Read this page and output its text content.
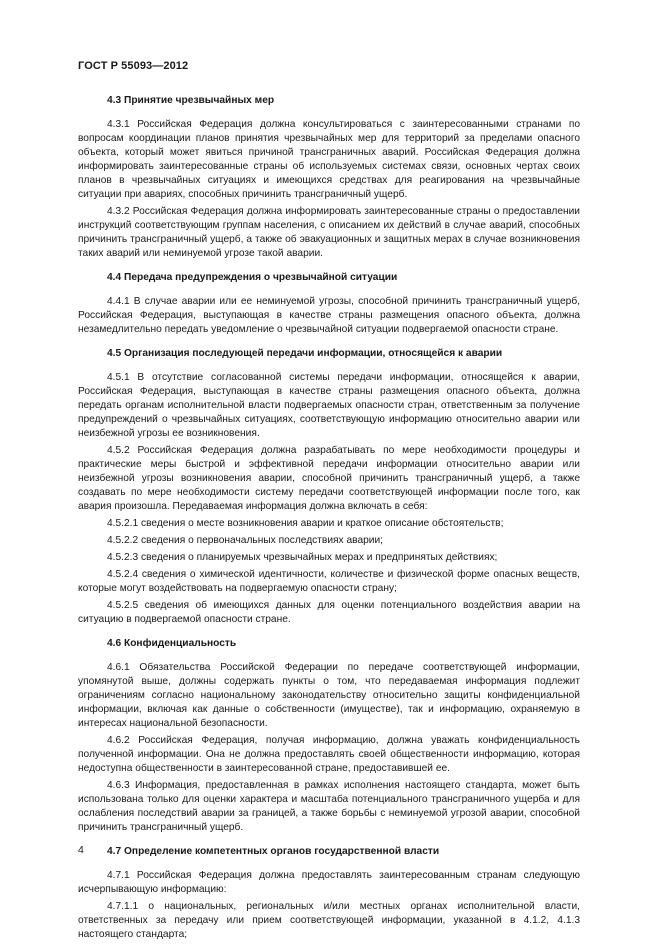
ГОСТ Р 55093—2012
4.3 Принятие чрезвычайных мер

4.3.1 Российская Федерация должна консультироваться с заинтересованными странами по вопросам координации планов принятия чрезвычайных мер для территорий за пределами опасного объекта, который может явиться причиной трансграничных аварий. Российская Федерация должна информировать заинтересованные страны об используемых системах связи, основных чертах своих планов в чрезвычайных ситуациях и имеющихся средствах для реагирования на чрезвычайные ситуации при авариях, способных причинить трансграничный ущерб.

4.3.2 Российская Федерация должна информировать заинтересованные страны о предоставлении инструкций соответствующим группам населения, с описанием их действий в случае аварий, способных причинить трансграничный ущерб, а также об эвакуационных и защитных мерах в случае возникновения таких аварий или неминуемой угрозе такой аварии.

4.4 Передача предупреждения о чрезвычайной ситуации

4.4.1 В случае аварии или ее неминуемой угрозы, способной причинить трансграничный ущерб, Российская Федерация, выступающая в качестве страны размещения опасного объекта, должна незамедлительно передать уведомление о чрезвычайной ситуации подвергаемой опасности стране.

4.5 Организация последующей передачи информации, относящейся к аварии

4.5.1 В отсутствие согласованной системы передачи информации, относящейся к аварии, Российская Федерация, выступающая в качестве страны размещения опасного объекта, должна передать органам исполнительной власти подвергаемых опасности стран, ответственным за получение предупреждений о чрезвычайных ситуациях, соответствующую информацию относительно аварии или неизбежной угрозы ее возникновения.

4.5.2 Российская Федерация должна разрабатывать по мере необходимости процедуры и практические меры быстрой и эффективной передачи информации относительно аварии или неизбежной угрозы возникновения аварии, способной причинить трансграничный ущерб, а также создавать по мере необходимости систему передачи соответствующей информации после того, как авария произошла. Передаваемая информация должна включать в себя:

4.5.2.1 сведения о месте возникновения аварии и краткое описание обстоятельств;

4.5.2.2 сведения о первоначальных последствиях аварии;

4.5.2.3 сведения о планируемых чрезвычайных мерах и предпринятых действиях;

4.5.2.4 сведения о химической идентичности, количестве и физической форме опасных веществ, которые могут воздействовать на подвергаемую опасности страну;

4.5.2.5 сведения об имеющихся данных для оценки потенциального воздействия аварии на ситуацию в подвергаемой опасности стране.

4.6 Конфиденциальность

4.6.1 Обязательства Российской Федерации по передаче соответствующей информации, упомянутой выше, должны содержать пункты о том, что передаваемая информация подлежит ограничениям согласно национальному законодательству относительно защиты конфиденциальной информации, включая как данные о собственности (имуществе), так и информацию, охраняемую в интересах национальной безопасности.

4.6.2 Российская Федерация, получая информацию, должна уважать конфиденциальность полученной информации. Она не должна предоставлять своей общественности информацию, которая недоступна общественности в заинтересованной стране, предоставившей ее.

4.6.3 Информация, предоставленная в рамках исполнения настоящего стандарта, может быть использована только для оценки характера и масштаба потенциального трансграничного ущерба и для ослабления последствий аварии за границей, а также борьбы с неминуемой угрозой аварии, способной причинить трансграничный ущерб.

4.7 Определение компетентных органов государственной власти

4.7.1 Российская Федерация должна предоставлять заинтересованным странам следующую исчерпывающую информацию:

4.7.1.1 о национальных, региональных и/или местных органах исполнительной власти, ответственных за передачу или прием соответствующей информации, указанной в 4.1.2, 4.1.3 настоящего стандарта;

4
